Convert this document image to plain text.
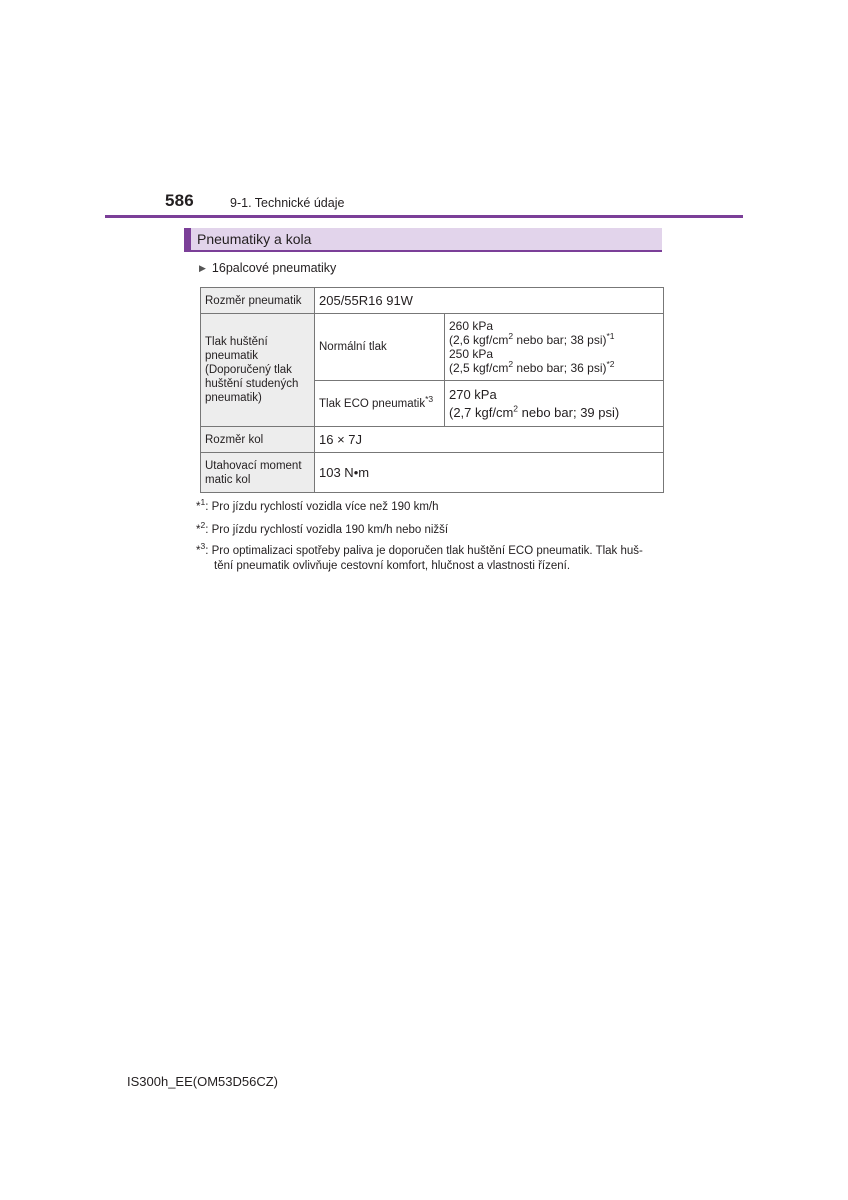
586	9-1. Technické údaje
Pneumatiky a kola
▶ 16palcové pneumatiky
Rozměr pneumatik	205/55R16 91W	
Tlak huštění pneumatik (Doporučený tlak huštění studených pneumatik)	Normální tlak	260 kPa
(2,6 kgf/$cm^2$ nebo bar; 38 psi)$^{*1}$
250 kPa
(2,5 kgf/$cm^2$ nebo bar; 36 psi)$^{*2}$

	Tlak ECO pneumatik$^{*3}$	270 kPa
(2,7 kgf/$cm^2$ nebo bar; 39 psi)

Rozměr kol	16 × 7J	
Utahovací moment matic kol	103 N•m	
*$^1$: Pro jízdu rychlostí vozidla více než 190 km/h
*$^2$: Pro jízdu rychlostí vozidla 190 km/h nebo nižší
*$^3$: Pro optimalizaci spotřeby paliva je doporučen tlak huštění ECO pneumatik. Tlak huš-
tění pneumatik ovlivňuje cestovní komfort, hlučnost a vlastnosti řízení.
IS300h_EE(OM53D56CZ)
